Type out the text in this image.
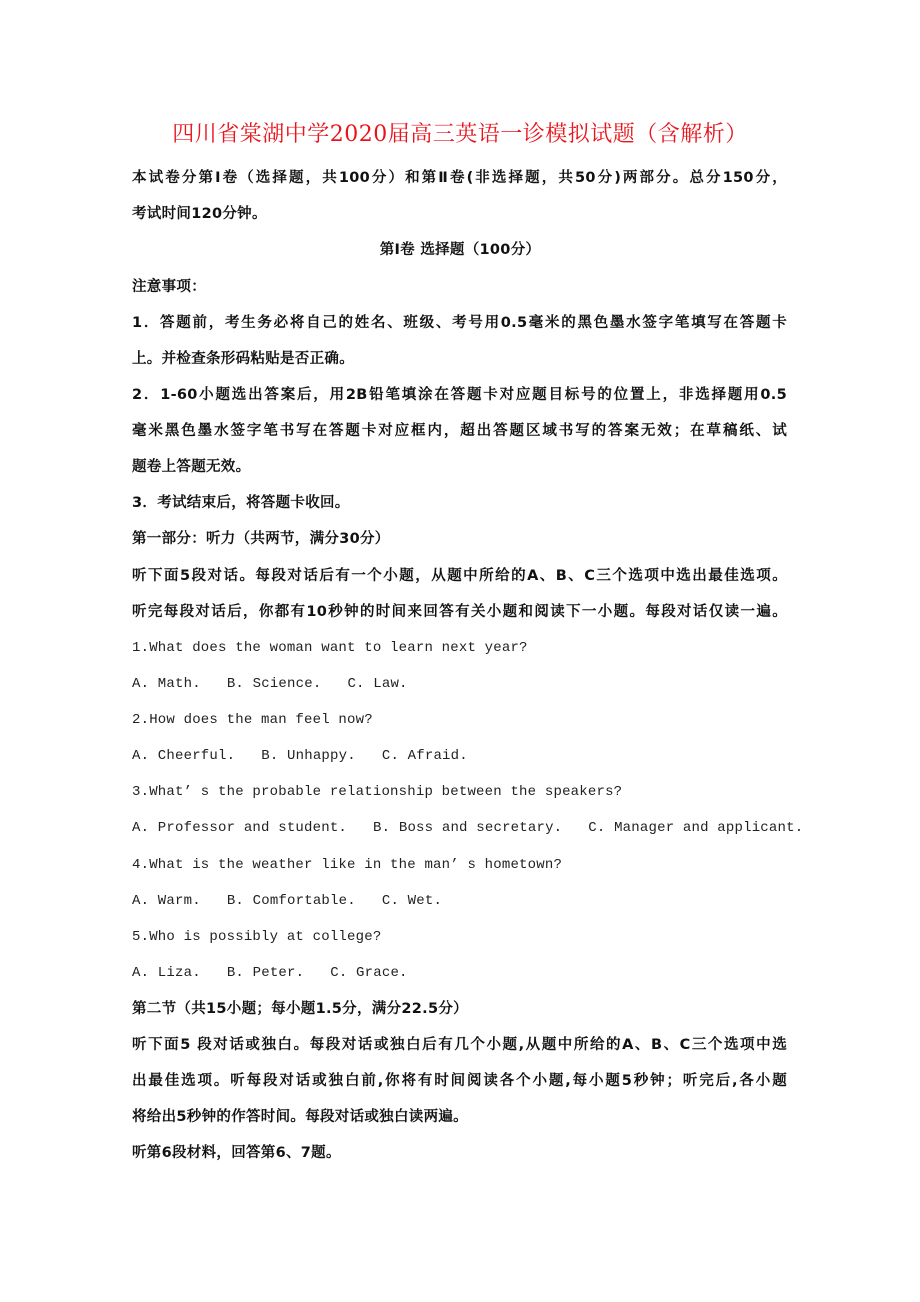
四川省棠湖中学2020届高三英语一诊模拟试题（含解析）
本试卷分第Ⅰ卷（选择题，共100分）和第Ⅱ卷(非选择题，共50分)两部分。总分150分，
考试时间120分钟。
第Ⅰ卷 选择题（100分）
注意事项：
1．答题前，考生务必将自己的姓名、班级、考号用0.5毫米的黑色墨水签字笔填写在答题卡
上。并检查条形码粘贴是否正确。
2．1-60小题选出答案后，用2B铅笔填涂在答题卡对应题目标号的位置上，非选择题用0.5
毫米黑色墨水签字笔书写在答题卡对应框内，超出答题区域书写的答案无效；在草稿纸、试
题卷上答题无效。
3．考试结束后，将答题卡收回。
第一部分：听力（共两节，满分30分）
听下面5段对话。每段对话后有一个小题，从题中所给的A、B、C三个选项中选出最佳选项。
听完每段对话后，你都有10秒钟的时间来回答有关小题和阅读下一小题。每段对话仅读一遍。
1.What does the woman want to learn next year?
A. Math. B. Science. C. Law.
2.How does the man feel now?
A. Cheerful. B. Unhappy. C. Afraid.
3.What’ s the probable relationship between the speakers?
A. Professor and student. B. Boss and secretary. C. Manager and applicant.
4.What is the weather like in the man’ s hometown?
A. Warm. B. Comfortable. C. Wet.
5.Who is possibly at college?
A. Liza. B. Peter. C. Grace.
第二节（共15小题；每小题1.5分，满分22.5分）
听下面5 段对话或独白。每段对话或独白后有几个小题,从题中所给的A、B、C三个选项中选
出最佳选项。听每段对话或独白前,你将有时间阅读各个小题,每小题5秒钟；听完后,各小题
将给出5秒钟的作答时间。每段对话或独白读两遍。
听第6段材料，回答第6、7题。
